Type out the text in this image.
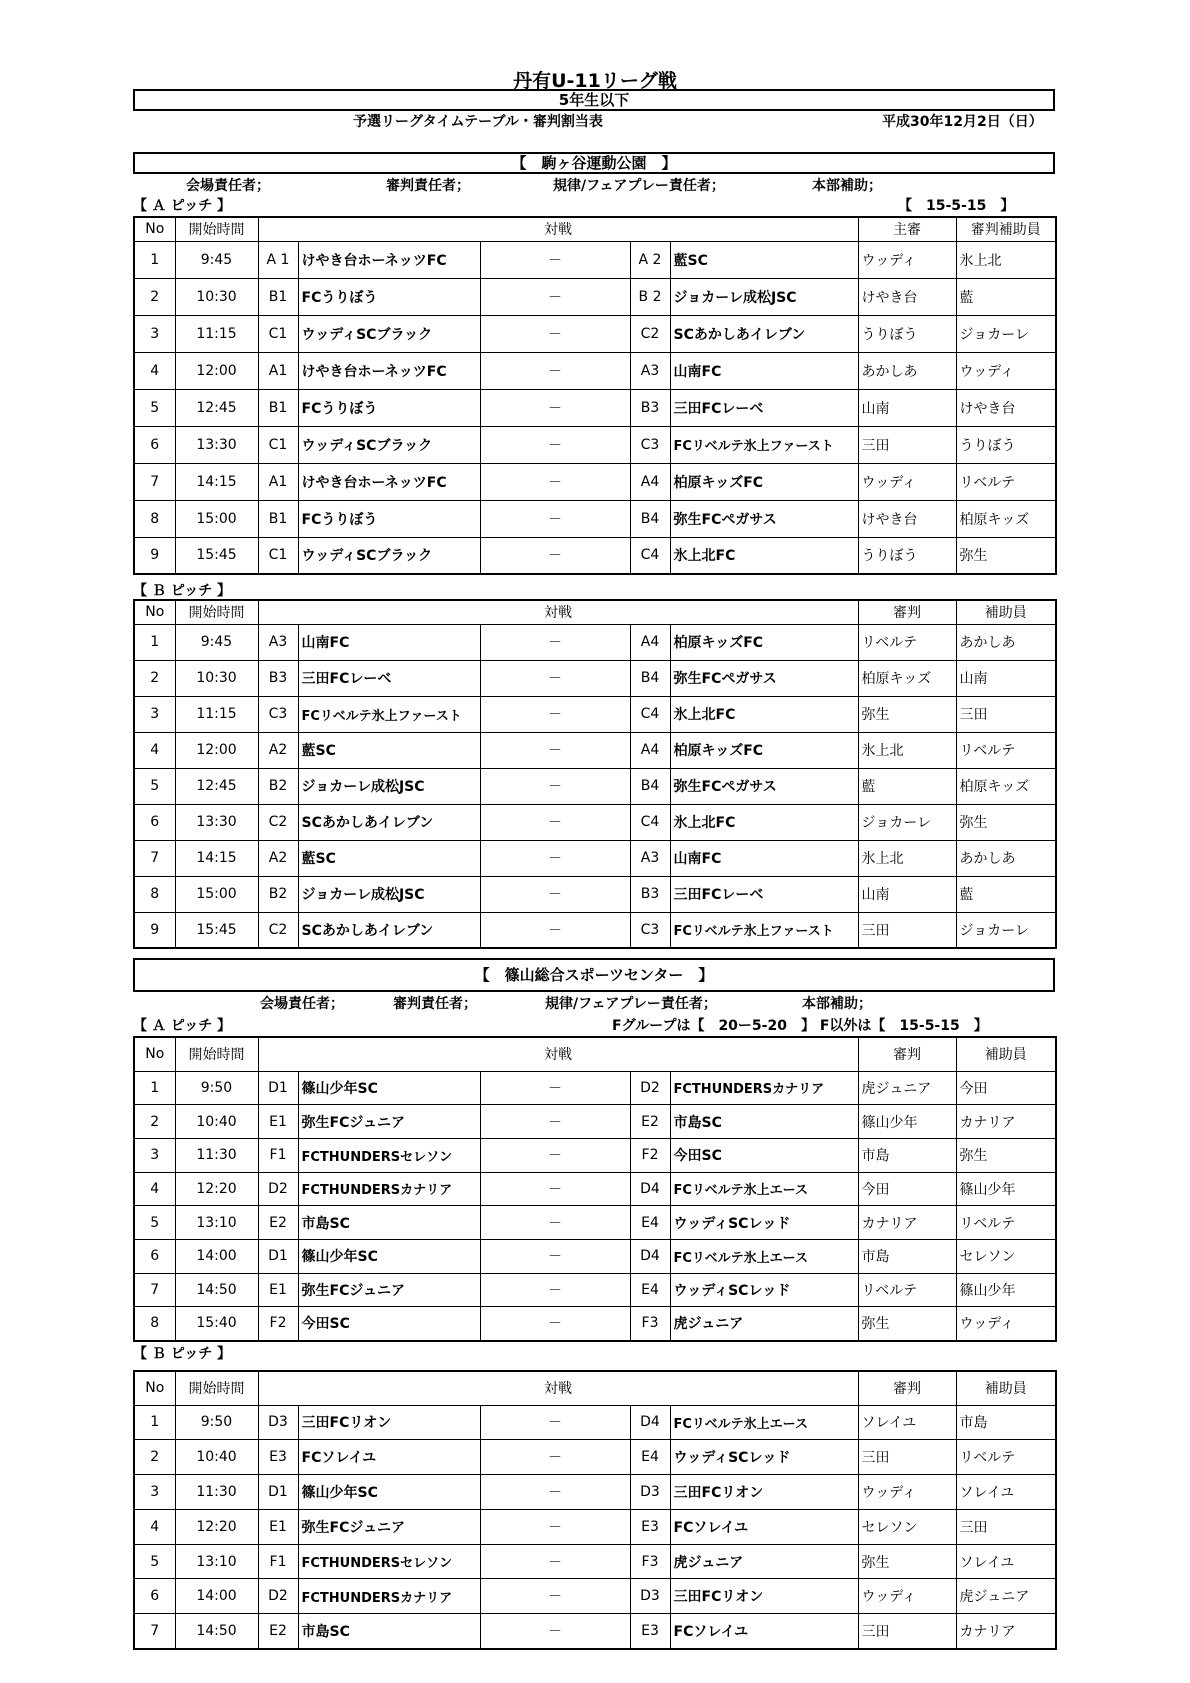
丹有U-11リーグ戦
5年生以下
予選リーグタイムテーブル・審判割当表	平成30年12月2日（日）
【　駒ヶ谷運動公園　】
会場責任者；	審判責任者；	規律/フェアプレー責任者；	本部補助；
【 Ａ ピッチ 】	【　15-5-15　】
No	開始時間	対戦					主審	審判補助員
1	9:45	A 1	けやき台ホーネッツFC	－	A 2	藍SC	ウッディ	氷上北
2	10:30	B1	FCうりぼう	－	B 2	ジョカーレ成松JSC	けやき台	藍
3	11:15	C1	ウッディSCブラック	－	C2	SCあかしあイレブン	うりぼう	ジョカーレ
4	12:00	A1	けやき台ホーネッツFC	－	A3	山南FC	あかしあ	ウッディ
5	12:45	B1	FCうりぼう	－	B3	三田FCレーベ	山南	けやき台
6	13:30	C1	ウッディSCブラック	－	C3	FCリベルテ氷上ファースト	三田	うりぼう
7	14:15	A1	けやき台ホーネッツFC	－	A4	柏原キッズFC	ウッディ	リベルテ
8	15:00	B1	FCうりぼう	－	B4	弥生FCペガサス	けやき台	柏原キッズ
9	15:45	C1	ウッディSCブラック	－	C4	氷上北FC	うりぼう	弥生
【 Ｂ ピッチ 】
No	開始時間	対戦					審判	補助員
1	9:45	A3	山南FC	－	A4	柏原キッズFC	リベルテ	あかしあ
2	10:30	B3	三田FCレーベ	－	B4	弥生FCペガサス	柏原キッズ	山南
3	11:15	C3	FCリベルテ氷上ファースト	－	C4	氷上北FC	弥生	三田
4	12:00	A2	藍SC	－	A4	柏原キッズFC	氷上北	リベルテ
5	12:45	B2	ジョカーレ成松JSC	－	B4	弥生FCペガサス	藍	柏原キッズ
6	13:30	C2	SCあかしあイレブン	－	C4	氷上北FC	ジョカーレ	弥生
7	14:15	A2	藍SC	－	A3	山南FC	氷上北	あかしあ
8	15:00	B2	ジョカーレ成松JSC	－	B3	三田FCレーベ	山南	藍
9	15:45	C2	SCあかしあイレブン	－	C3	FCリベルテ氷上ファースト	三田	ジョカーレ
【　篠山総合スポーツセンター　】
会場責任者；	審判責任者；	規律/フェアプレー責任者；	本部補助；
【 Ａ ピッチ 】	Fグループは【　20ー5-20　】 F以外は【　15-5-15　】
No	開始時間	対戦					審判	補助員
1	9:50	D1	篠山少年SC	－	D2	FCTHUNDERSカナリア	虎ジュニア	今田
2	10:40	E1	弥生FCジュニア	－	E2	市島SC	篠山少年	カナリア
3	11:30	F1	FCTHUNDERSセレソン	－	F2	今田SC	市島	弥生
4	12:20	D2	FCTHUNDERSカナリア	－	D4	FCリベルテ氷上エース	今田	篠山少年
5	13:10	E2	市島SC	－	E4	ウッディSCレッド	カナリア	リベルテ
6	14:00	D1	篠山少年SC	－	D4	FCリベルテ氷上エース	市島	セレソン
7	14:50	E1	弥生FCジュニア	－	E4	ウッディSCレッド	リベルテ	篠山少年
8	15:40	F2	今田SC	－	F3	虎ジュニア	弥生	ウッディ
【 Ｂ ピッチ 】
No	開始時間	対戦					審判	補助員
1	9:50	D3	三田FCリオン	－	D4	FCリベルテ氷上エース	ソレイユ	市島
2	10:40	E3	FCソレイユ	－	E4	ウッディSCレッド	三田	リベルテ
3	11:30	D1	篠山少年SC	－	D3	三田FCリオン	ウッディ	ソレイユ
4	12:20	E1	弥生FCジュニア	－	E3	FCソレイユ	セレソン	三田
5	13:10	F1	FCTHUNDERSセレソン	－	F3	虎ジュニア	弥生	ソレイユ
6	14:00	D2	FCTHUNDERSカナリア	－	D3	三田FCリオン	ウッディ	虎ジュニア
7	14:50	E2	市島SC	－	E3	FCソレイユ	三田	カナリア
